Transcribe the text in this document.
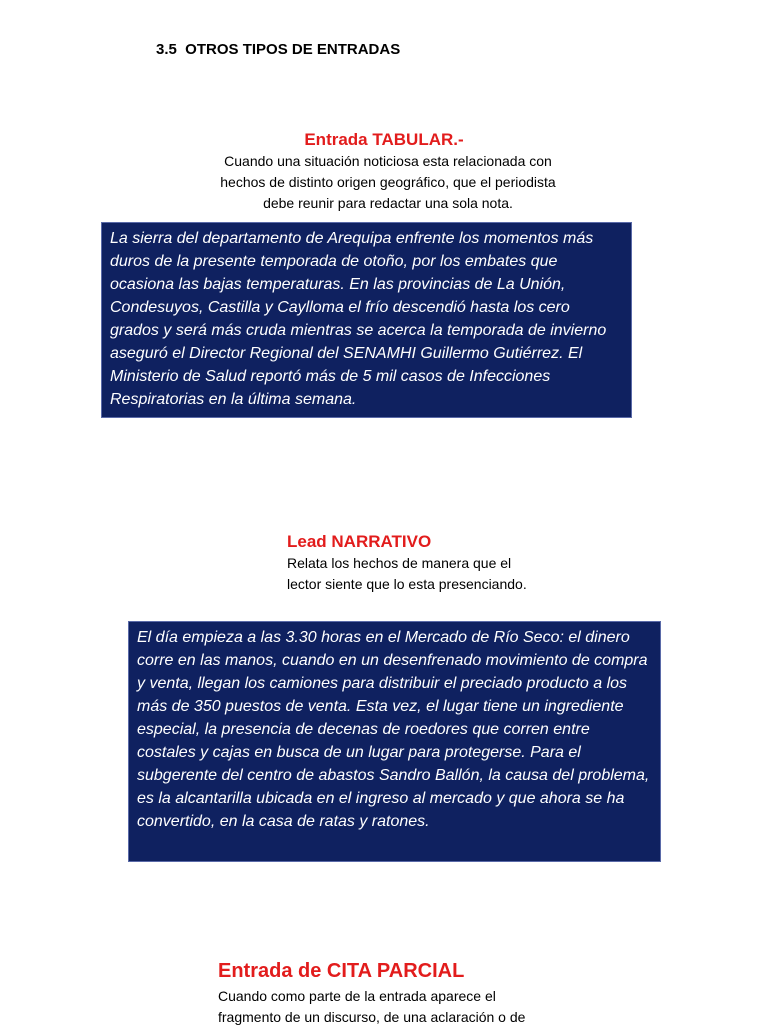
3.5  OTROS TIPOS DE ENTRADAS
Entrada TABULAR.-

Cuando una situación noticiosa esta relacionada con hechos de distinto origen geográfico, que el periodista debe reunir para redactar una sola nota.

La sierra del departamento de Arequipa enfrente los momentos más duros de la presente temporada de otoño, por los embates que ocasiona las bajas temperaturas. En las provincias de La Unión, Condesuyos, Castilla y Caylloma el frío descendió hasta los cero grados y será más cruda mientras se acerca la temporada de invierno aseguró el Director Regional del SENAMHI Guillermo Gutiérrez. El Ministerio de Salud reportó más de 5 mil casos de Infecciones Respiratorias en la última semana.
Lead NARRATIVO

Relata los hechos de manera que el lector siente que lo esta presenciando.

El día empieza a las 3.30 horas en el Mercado de Río Seco: el dinero corre en las manos, cuando en un desenfrenado movimiento de compra y venta, llegan los camiones para distribuir el preciado producto a los más de 350 puestos de venta. Esta vez, el lugar tiene un ingrediente especial, la presencia de decenas de roedores que corren entre costales y cajas en busca de un lugar para protegerse. Para el subgerente del centro de abastos Sandro Ballón, la causa del problema, es la alcantarilla ubicada en el ingreso al mercado y que ahora se ha convertido, en la casa de ratas y ratones.
Entrada de CITA PARCIAL

Cuando como parte de la entrada aparece el fragmento de un discurso, de una aclaración o de
